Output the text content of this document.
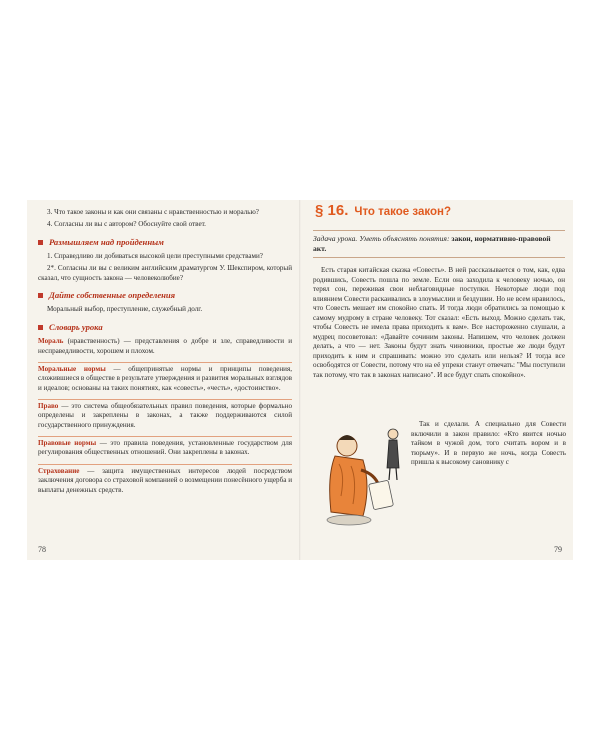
3. Что такое законы и как они связаны с нравственностью и моралью?

4. Согласны ли вы с автором? Обоснуйте свой ответ.

Размышляем над пройденным

1. Справедливо ли добиваться высокой цели преступными средствами?

2*. Согласны ли вы с великим английским драматургом У. Шекспиром, который сказал, что сущность закона — человеколюбие?

Дайте собственные определения

Моральный выбор, преступление, служебный долг.

Словарь урока

Мораль (нравственность) — представления о добре и зле, справедливости и несправедливости, хорошем и плохом.

Моральные нормы — общепринятые нормы и принципы поведения, сложившиеся в обществе в результате утверждения и развития моральных взглядов и идеалов; основаны на таких понятиях, как «совесть», «честь», «достоинство».

Право — это система общеобязательных правил поведения, которые формально определены и закреплены в законах, а также поддерживаются силой государственного принуждения.

Правовые нормы — это правила поведения, установленные государством для регулирования общественных отношений. Они закреплены в законах.

Страхование — защита имущественных интересов людей посредством заключения договора со страховой компанией о возмещении понесённого ущерба и выплаты денежных средств.

78
§ 16. Что такое закон?
Задача урока. Уметь объяснять понятия: закон, нормативно-правовой акт.
Есть старая китайская сказка «Совесть». В ней рассказывается о том, как, едва родившись, Совесть пошла по земле. Если она заходила к человеку ночью, он терял сон, переживая свои неблаговидные поступки. Некоторые люди под влиянием Совести раскаивались в злоумыслии и бездушии. Но не всем нравилось, что Совесть мешает им спокойно спать. И тогда люди обратились за помощью к самому мудрому в стране человеку. Тот сказал: «Есть выход. Можно сделать так, чтобы Совесть не имела права приходить к вам». Все настороженно слушали, а мудрец посоветовал: «Давайте сочиним законы. Напишем, что человек должен делать, а что — нет. Законы будут знать чиновники, простые же люди будут приходить к ним и спрашивать: можно это сделать или нельзя? И тогда все освободятся от Совести, потому что на её упреки станут отвечать: "Мы поступили так потому, что так в законах написано". И все будут спать спокойно».

Так и сделали. А специально для Совести включили в закон правило: «Кто явится ночью тайком в чужой дом, того считать вором и в тюрьму». И в первую же ночь, когда Совесть пришла к высокому сановнику с

79
